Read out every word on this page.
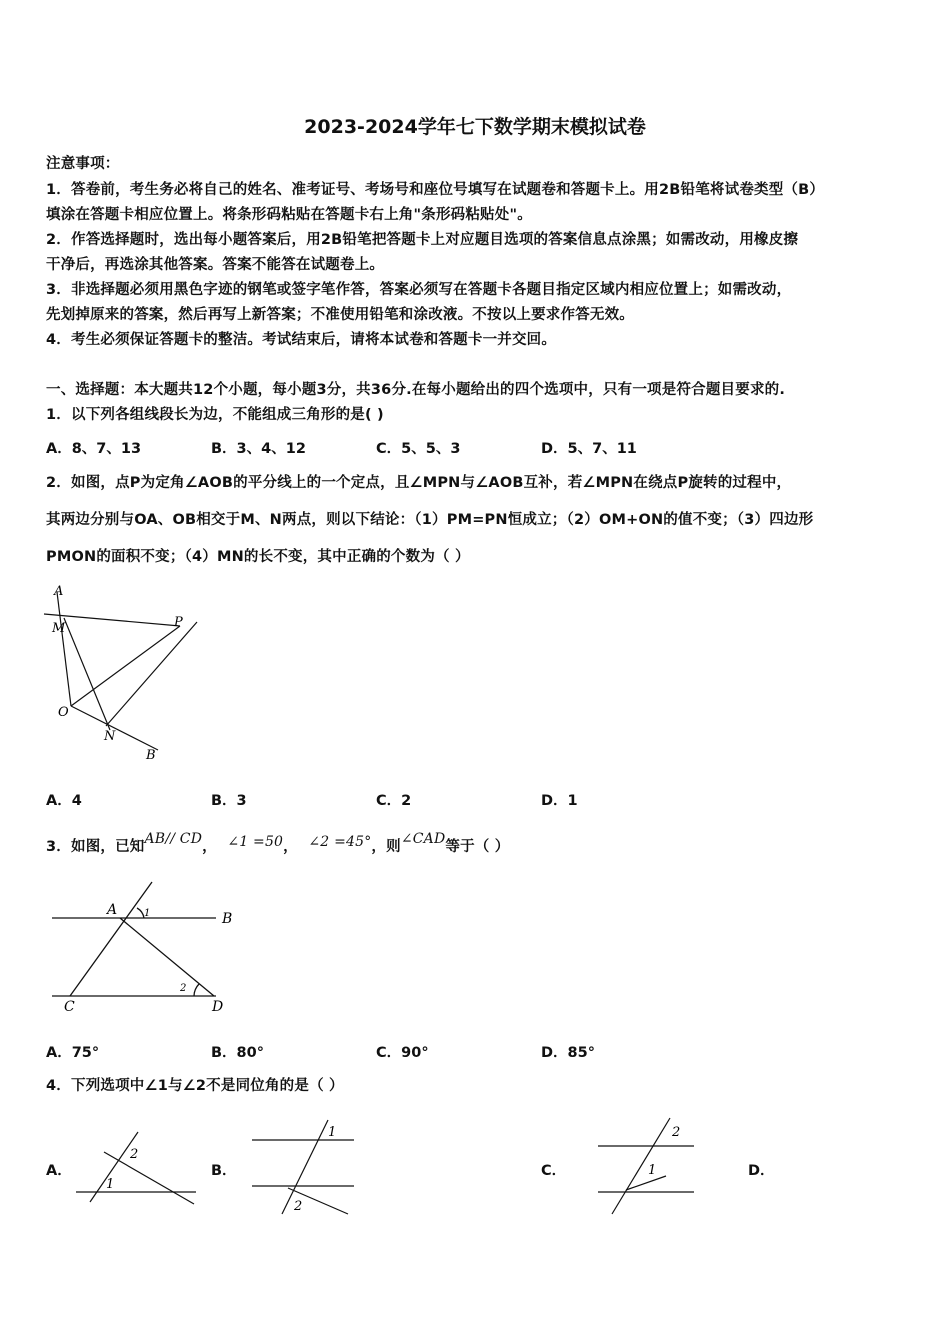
2023-2024学年七下数学期末模拟试卷
注意事项：
1．答卷前，考生务必将自己的姓名、准考证号、考场号和座位号填写在试题卷和答题卡上。用2B铅笔将试卷类型（B）
填涂在答题卡相应位置上。将条形码粘贴在答题卡右上角"条形码粘贴处"。
2．作答选择题时，选出每小题答案后，用2B铅笔把答题卡上对应题目选项的答案信息点涂黑；如需改动，用橡皮擦
干净后，再选涂其他答案。答案不能答在试题卷上。
3．非选择题必须用黑色字迹的钢笔或签字笔作答，答案必须写在答题卡各题目指定区域内相应位置上；如需改动，
先划掉原来的答案，然后再写上新答案；不准使用铅笔和涂改液。不按以上要求作答无效。
4．考生必须保证答题卡的整洁。考试结束后，请将本试卷和答题卡一并交回。
一、选择题：本大题共12个小题，每小题3分，共36分.在每小题给出的四个选项中，只有一项是符合题目要求的.
1．以下列各组线段长为边，不能组成三角形的是( )
A．8、7、13	B．3、4、12	C．5、5、3	D．5、7、11
2．如图，点P为定角∠AOB的平分线上的一个定点，且∠MPN与∠AOB互补，若∠MPN在绕点P旋转的过程中，
其两边分别与OA、OB相交于M、N两点，则以下结论：（1）PM=PN恒成立；（2）OM+ON的值不变；（3）四边形
PMON的面积不变；（4）MN的长不变，其中正确的个数为（ ）
A
M	P
O
N
B
A．4	B．3	C．2	D．1
3．如图，已知AB// CD， ∠1 =50， ∠2 =45°，则∠CAD等于（ ）
A
B
C	D
1
2
A．75°	B．80°	C．90°	D．85°
4．下列选项中∠1与∠2不是同位角的是（ ）
A．
1
2
B．
1
2
C．
2
1	D．
